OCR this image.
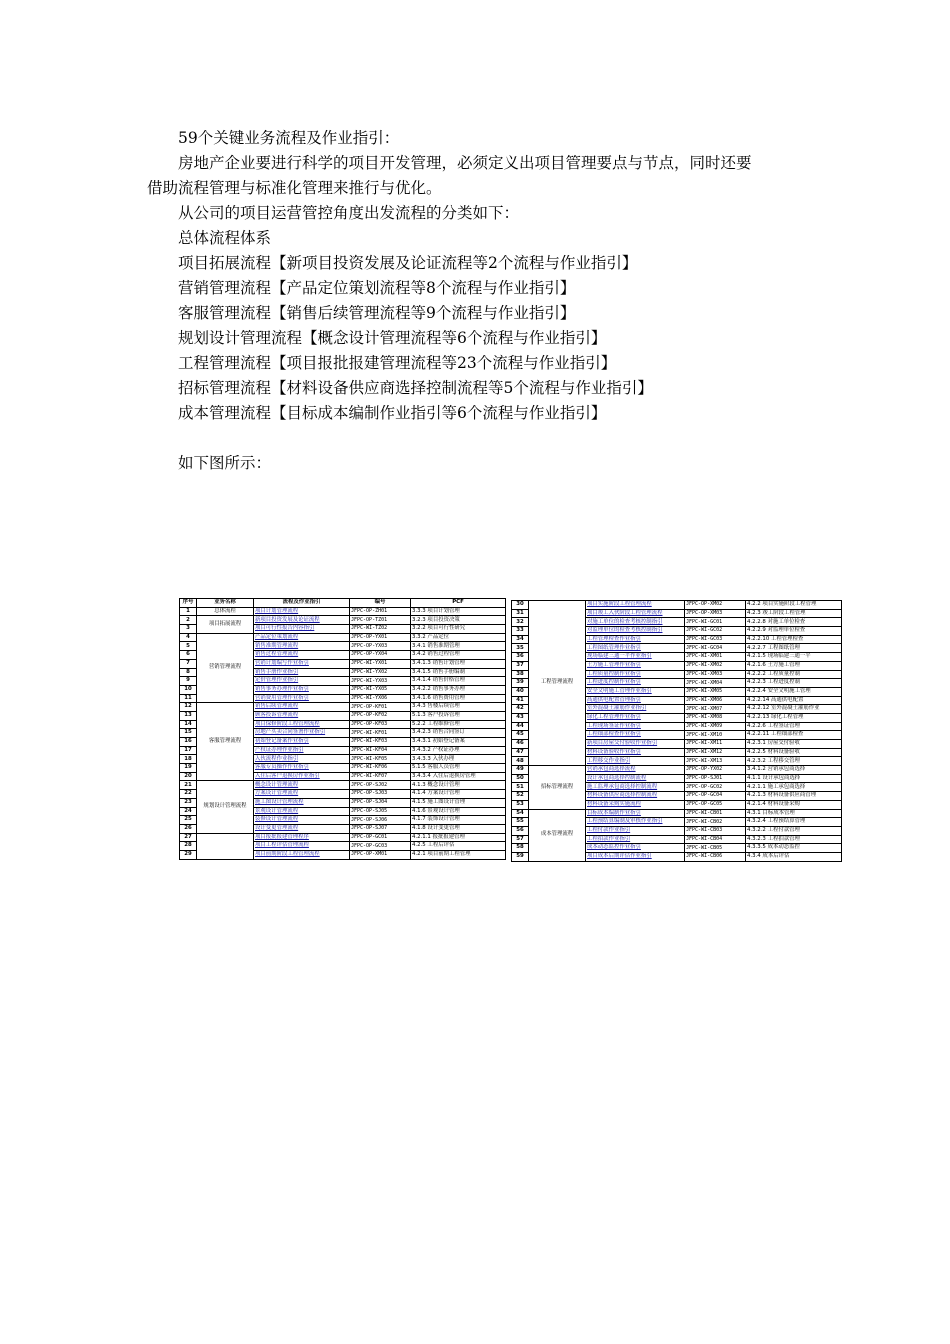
59个关键业务流程及作业指引：
房地产企业要进行科学的项目开发管理，必须定义出项目管理要点与节点，同时还要
借助流程管理与标准化管理来推行与优化。
从公司的项目运营管控角度出发流程的分类如下：
总体流程体系
项目拓展流程【新项目投资发展及论证流程等2个流程与作业指引】
营销管理流程【产品定位策划流程等8个流程与作业指引】
客服管理流程【销售后续管理流程等9个流程与作业指引】
规划设计管理流程【概念设计管理流程等6个流程与作业指引】
工程管理流程【项目报批报建管理流程等23个流程与作业指引】
招标管理流程【材料设备供应商选择控制流程等5个流程与作业指引】
成本管理流程【目标成本编制作业指引等6个流程与作业指引】
如下图所示：
序号	业务名称	流程及作业指引	编号	PCF
1	总体流程	项目计划管理流程	JFPC-OP-ZH01	3.3.3 项目计划管理
2	项目拓展流程	新项目投资发展及论证流程	JFPC-OP-TZ01	3.2.3 项目投资决策
3		项目可行性报告内容指引	JFPC-WI-TZ02	3.2.2 项目可行性研究
4	营销管理流程	产品定位策划流程	JFPC-OP-YX01	3.3.2 产品定位
5		销售准期管理流程	JFPC-OP-YX03	3.4.1 销售准期管理
6		销售过程管理流程	JFPC-OP-YX04	3.4.2 销售过程管理
7		营销计划编写作业指引	JFPC-WI-YX01	3.4.1.3 销售计划管理
8		销售手册作业指引	JFPC-WI-YX02	3.4.1.5 销售手册编制
9		定价管理作业指引	JFPC-WI-YX03	3.4.1.4 销售价格管理
10		销售事务办理作业指引	JFPC-WI-YX05	3.4.2.2 销售事务办理
11		营销费用管理作业指引	JFPC-WI-YX06	3.4.1.6 销售费用管理
12	客服管理流程	销售后续管理流程	JFPC-OP-KF01	3.4.3 售楼后续管理
13		顾客投诉管理流程	JFPC-OP-KF02	5.1.3 客户投诉管理
14		项目保修阶段工程管理流程	JFPC-OP-KF03	5.2.2 工程维修管理
15		房地产买卖合同签署作业指引	JFPC-WI-KF01	3.4.2.3 销售合同签订
16		初始登记备案作业指引	JFPC-WI-KF03	3.4.3.1 初始登记备案
17		产权证办理作业指引	JFPC-WI-KF04	3.4.3.2 产权证办理
18		入伙流程作业指引	JFPC-WI-KF05	3.4.3.3 入伙办理
19		客服专员操作作业指引	JFPC-WI-KF06	5.1.5 客服人员管理
20		入住后客户退换房作业指引	JFPC-WI-KF07	3.4.3.4 入住后退换房管理
21	规划设计管理流程	概念设计管理流程	JFPC-OP-SJ02	4.1.3 概念设计管理
22		方案设计管理流程	JFPC-OP-SJ03	4.1.4 方案设计管理
23		施工图设计管理流程	JFPC-OP-SJ04	4.1.5 施工图设计管理
24		景观设计管理流程	JFPC-OP-SJ05	4.1.6 景观设计管理
25		装修设计管理流程	JFPC-OP-SJ06	4.1.7 装饰设计管理
26		设计变更管理流程	JFPC-OP-SJ07	4.1.8 设计变更管理
27		项目报批报建管理程序	JFPC-OP-GC01	4.2.1.1 报批报建管理
28		项目工程评估管理流程	JFPC-OP-GC03	4.2.5 工程后评估
29		项目前期阶段工程管理流程	JFPC-OP-XM01	4.2.1 项目前期工程管理
30	工程管理流程	项目实施阶段工程管理流程	JFPC-OP-XM02	4.2.2 项目实施阶段工程管理
31		项目竣工入伙阶段工程管理流程	JFPC-OP-XM03	4.2.3 竣工阶段工程管理
32		对施工单位的检查考核控制指引	JFPC-WI-GC01	4.2.2.8 对施工单位检查
33		对监理单位的检查考核控制指引	JFPC-WI-GC02	4.2.2.9 对监理单位检查
34		工程管理检查作业指引	JFPC-WI-GC03	4.2.2.10 工程管理检查
35		工程图纸管理作业指引	JFPC-WI-GC04	4.2.2.7 工程图纸管理
36		现场临建三通一平作业指引	JFPC-WI-XM01	4.2.1.5 现场临建三通一平
37		土方施工管理作业指引	JFPC-WI-XM02	4.2.1.6 土方施工管理
38		工程质量控制作业指引	JFPC-WI-XM03	4.2.2.2 工程质量控制
39		工程进度控制作业指引	JFPC-WI-XM04	4.2.2.3 工程进度控制
40		安全文明施工管理作业指引	JFPC-WI-XM05	4.2.2.4 安全文明施工管理
41		高通供电配置管理指引	JFPC-WI-XM06	4.2.2.14 高通供电配置
42		室外混凝土灌筋作业指引	JFPC-WI-XM07	4.2.2.12 室外混凝土灌筋作业
43		绿化工程管理作业指引	JFPC-WI-XM08	4.2.2.13 绿化工程管理
44		工程现场签证作业指引	JFPC-WI-XM09	4.2.2.6 工程签证管理
45		工程细部检查作业指引	JFPC-WI-XM10	4.2.2.11 工程细部检查
46		新项目房屋交付验收作业指引	JFPC-WI-XM11	4.2.3.1 房屋交付验收
47		材料设备验收作业指引	JFPC-WI-XM12	4.2.2.5 材料设备验收
48		工程移交作业指引	JFPC-WI-XM13	4.2.3.2 工程移交管理
49	招标管理流程	营销承包商选择流程	JFPC-OP-YX02	3.4.1.2 营销承包商选择
50		设计承包商选择控制流程	JFPC-OP-SJ01	4.1.1 设计承包商选择
51		施工监理承包商选择控制流程	JFPC-OP-GC02	4.2.1.1 施工承包商选择
52		材料设备供应商选择控制流程	JFPC-OP-GC04	4.2.1.3 材料设备供应商管理
53		材料设备采购实施流程	JFPC-OP-GC05	4.2.1.4 材料设备采购
54	成本管理流程	目标成本编制作业指引	JFPC-WI-CB01	4.3.1 目标成本管理
55		工程预结算编制及审核作业指引	JFPC-WI-CB02	4.3.2.4 工程预结算管理
56		工程付款作业指引	JFPC-WI-CB03	4.3.2.2 工程付款管理
57		工程拍款作业指引	JFPC-WI-CB04	4.3.2.3 工程拍款管理
58		成本动态监控作业指引	JFPC-WI-CB05	4.3.3.5 成本动态监控
59		项目成本后期评估作业指引	JFPC-WI-CB06	4.3.4 成本后评估
